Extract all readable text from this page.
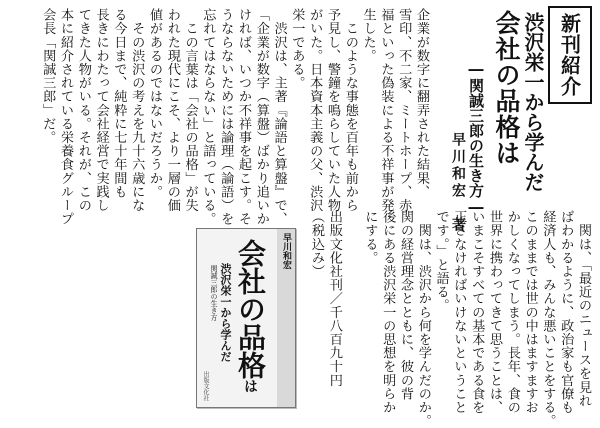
新刊紹介
会社の品格は 渋沢栄一から学んだ
―関誠三郎の生き方―
早川和宏　著
企業が数字に翻弄された結果、
雪印、不二家、ミートホープ、赤
福といった偽装による不祥事が発
生した。
　このような事態を百年も前から
予見し、警鐘を鳴らしていた人物
がいた。日本資本主義の父、渋沢
栄一である。
　渋沢は、主著『論語と算盤』で、
「企業が数字（算盤）ばかり追いか
ければ、いつか不祥事を起こす。そ
うならないためには論理（論語）を
忘れてはならない」と語っている。
　この言葉は「会社の品格」が失
われた現代にこそ、より一層の価
値があるのではないだろうか。
　その渋沢の考えを九十六歳にな
る今日まで、純粋に七十年間も
長きにわたって会社経営で実践し
てきた人物がいる。それが、この
本に紹介されている栄養食グループ
会長「関誠三郎」だ。
　関は、「最近のニュースを見れ
ばわかるように、政治家も官僚も
経済人も、みんな悪いことをする。
このままでは世の中はますますお
かしくなってしまう。長年、食の
世界に携わってきて思うことは、
いまこそすべての基本である食を
正さなければいけないということ
です。」と語る。
　関は、渋沢から何を学んだのか。
関の経営理念とともに、彼の背
後にある渋沢栄一の思想を明らか
にする。
出版文化社刊／千八百九十円
（税込み）
早川和宏
会社の品格は
渋沢栄一から学んだ
関誠三郎の生き方
出版文化社
